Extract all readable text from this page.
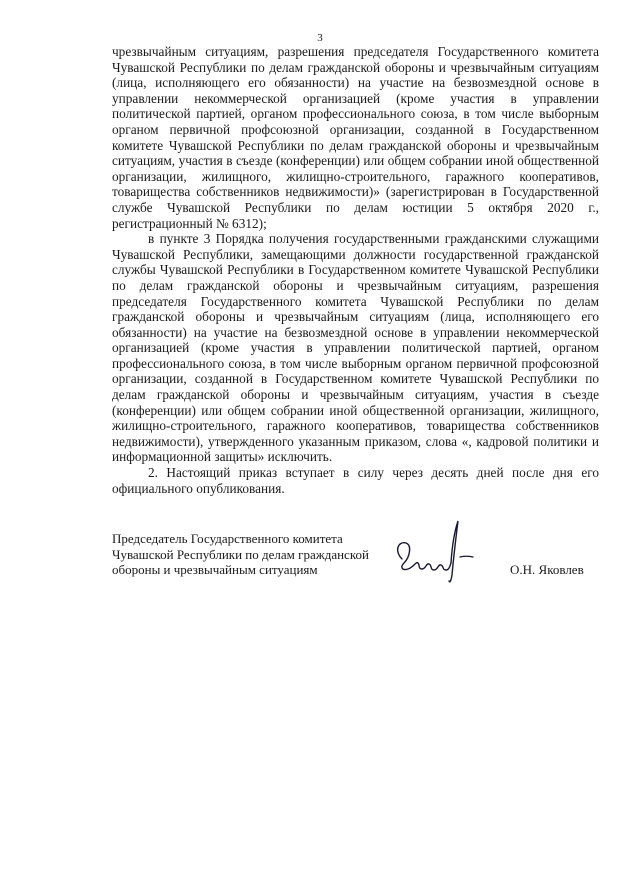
3

чрезвычайным ситуациям, разрешения председателя Государственного комитета Чувашской Республики по делам гражданской обороны и чрезвычайным ситуациям (лица, исполняющего его обязанности) на участие на безвозмездной основе в управлении некоммерческой организацией (кроме участия в управлении политической партией, органом профессионального союза, в том числе выборным органом первичной профсоюзной организации, созданной в Государственном комитете Чувашской Республики по делам гражданской обороны и чрезвычайным ситуациям, участия в съезде (конференции) или общем собрании иной общественной организации, жилищного, жилищно-строительного, гаражного кооперативов, товарищества собственников недвижимости)» (зарегистрирован в Государственной службе Чувашской Республики по делам юстиции 5 октября 2020 г., регистрационный № 6312);

в пункте 3 Порядка получения государственными гражданскими служащими Чувашской Республики, замещающими должности государственной гражданской службы Чувашской Республики в Государственном комитете Чувашской Республики по делам гражданской обороны и чрезвычайным ситуациям, разрешения председателя Государственного комитета Чувашской Республики по делам гражданской обороны и чрезвычайным ситуациям (лица, исполняющего его обязанности) на участие на безвозмездной основе в управлении некоммерческой организацией (кроме участия в управлении политической партией, органом профессионального союза, в том числе выборным органом первичной профсоюзной организации, созданной в Государственном комитете Чувашской Республики по делам гражданской обороны и чрезвычайным ситуациям, участия в съезде (конференции) или общем собрании иной общественной организации, жилищного, жилищно-строительного, гаражного кооперативов, товарищества собственников недвижимости), утвержденного указанным приказом, слова «, кадровой политики и информационной защиты» исключить.

2. Настоящий приказ вступает в силу через десять дней после дня его официального опубликования.

Председатель Государственного комитета
Чувашской Республики по делам гражданской
обороны и чрезвычайным ситуациям	О.Н. Яковлев
